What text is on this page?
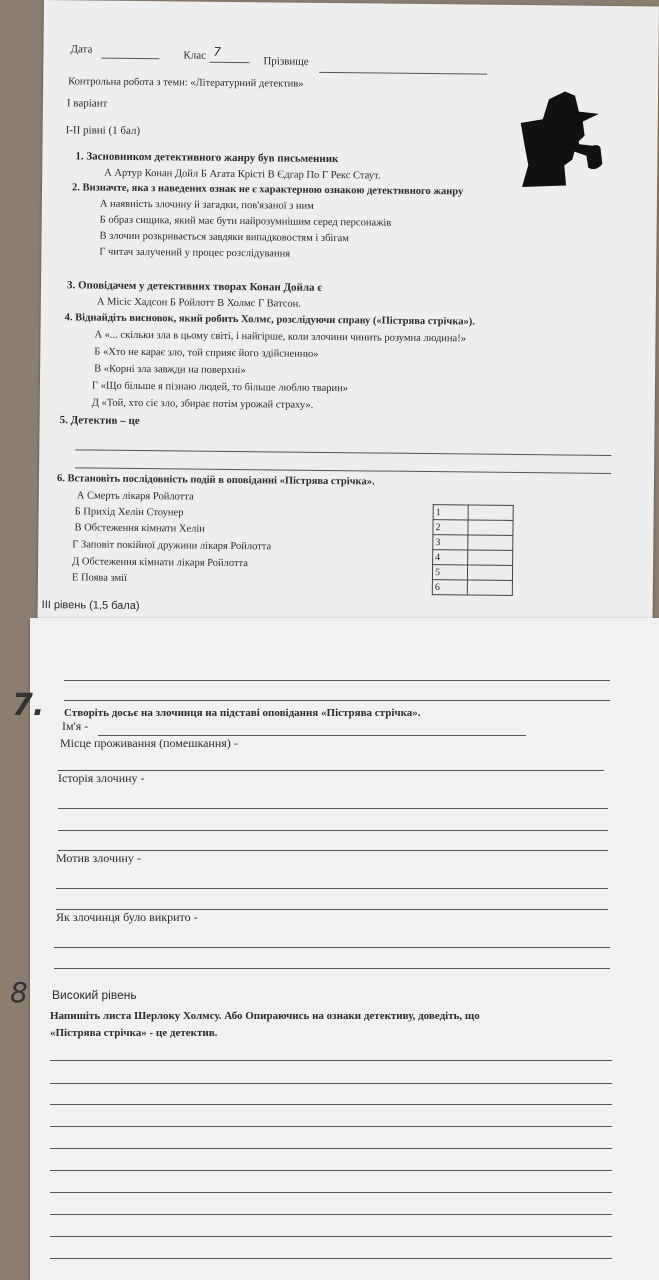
Дата
Клас 7
Прізвище
Контрольна робота з теми: «Літературний детектив»
І варіант
І-ІІ рівні (1 бал)
1. Засновником детективного жанру був письменник
А Артур Конан Дойл Б Агата Крісті В Єдгар По Г Рекс Стаут.
2. Визначте, яка з наведених ознак не є характерною ознакою детективного жанру
А наявність злочину й загадки, пов'язаної з ним
Б образ сищика, який має бути найрозумнішим серед персонажів
В злочин розкривається завдяки випадковостям і збігам
Г читач залучений у процес розслідування
3. Оповідачем у детективних творах Конан Дойла є
А Місіс Хадсон Б Ройлотт В Холмс Г Ватсон.
4. Віднайдіть висновок, який робить Холмс, розслідуючи справу («Пістрява стрічка»).
А «... скільки зла в цьому світі, і найгірше, коли злочини чинить розумна людина!»
Б «Хто не карає зло, той сприяє його здійсненню»
В «Корні зла завжди на поверхні»
Г «Що більше я пізнаю людей, то більше люблю тварин»
Д «Той, хто сіє зло, збирає потім урожай страху».
5. Детектив – це
6. Встановіть послідовність подій в оповіданні «Пістрява стрічка».
А Смерть лікаря Ройлотта
Б Прихід Хелін Стоунер
В Обстеження кімнати Хелін
Г Заповіт покійної дружини лікаря Ройлотта
Д Обстеження кімнати лікаря Ройлотта
Е Поява змії
1	
2	
3	
4	
5	
6	
ІІІ рівень (1,5 бала)
7. Створіть досьє на злочинця на підставі оповідання «Пістрява стрічка».
Ім'я -
Місце проживання (помешкання) -
Історія злочину -
Мотив злочину -
Як злочинця було викрито -
8 Високий рівень
Напишіть листа Шерлоку Холмсу. Або Опираючись на ознаки детективу, доведіть, що
«Пістрява стрічка» - це детектив.
